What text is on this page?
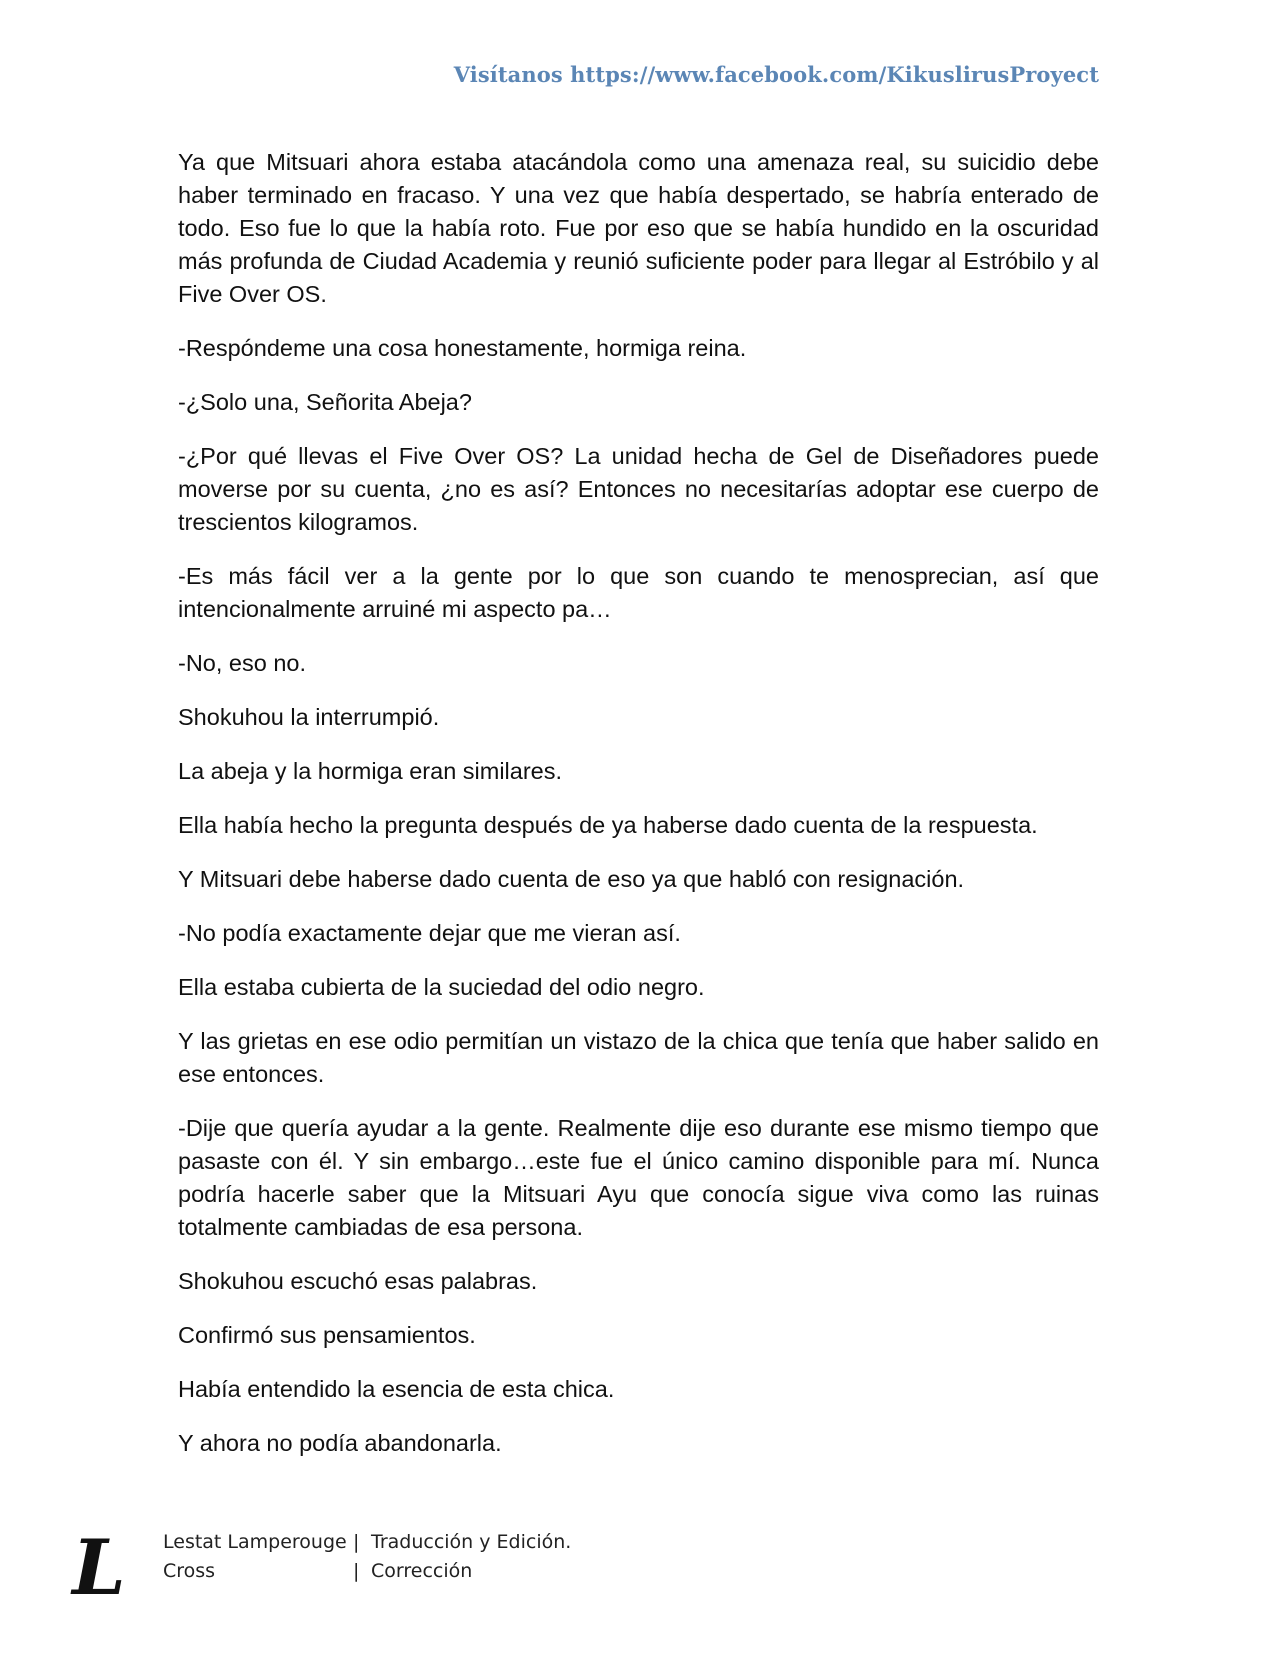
Visítanos https://www.facebook.com/KikuslirusProyect

Ya que Mitsuari ahora estaba atacándola como una amenaza real, su suicidio debe haber terminado en fracaso. Y una vez que había despertado, se habría enterado de todo. Eso fue lo que la había roto. Fue por eso que se había hundido en la oscuridad más profunda de Ciudad Academia y reunió suficiente poder para llegar al Estróbilo y al Five Over OS.

-Respóndeme una cosa honestamente, hormiga reina.

-¿Solo una, Señorita Abeja?

-¿Por qué llevas el Five Over OS? La unidad hecha de Gel de Diseñadores puede moverse por su cuenta, ¿no es así? Entonces no necesitarías adoptar ese cuerpo de trescientos kilogramos.

-Es más fácil ver a la gente por lo que son cuando te menosprecian, así que intencionalmente arruiné mi aspecto pa…

-No, eso no.

Shokuhou la interrumpió.

La abeja y la hormiga eran similares.

Ella había hecho la pregunta después de ya haberse dado cuenta de la respuesta.

Y Mitsuari debe haberse dado cuenta de eso ya que habló con resignación.

-No podía exactamente dejar que me vieran así.

Ella estaba cubierta de la suciedad del odio negro.

Y las grietas en ese odio permitían un vistazo de la chica que tenía que haber salido en ese entonces.

-Dije que quería ayudar a la gente. Realmente dije eso durante ese mismo tiempo que pasaste con él. Y sin embargo…este fue el único camino disponible para mí. Nunca podría hacerle saber que la Mitsuari Ayu que conocía sigue viva como las ruinas totalmente cambiadas de esa persona.

Shokuhou escuchó esas palabras.

Confirmó sus pensamientos.

Había entendido la esencia de esta chica.

Y ahora no podía abandonarla.

L Lestat Lamperouge | Traducción y Edición.
Cross	| Corrección
